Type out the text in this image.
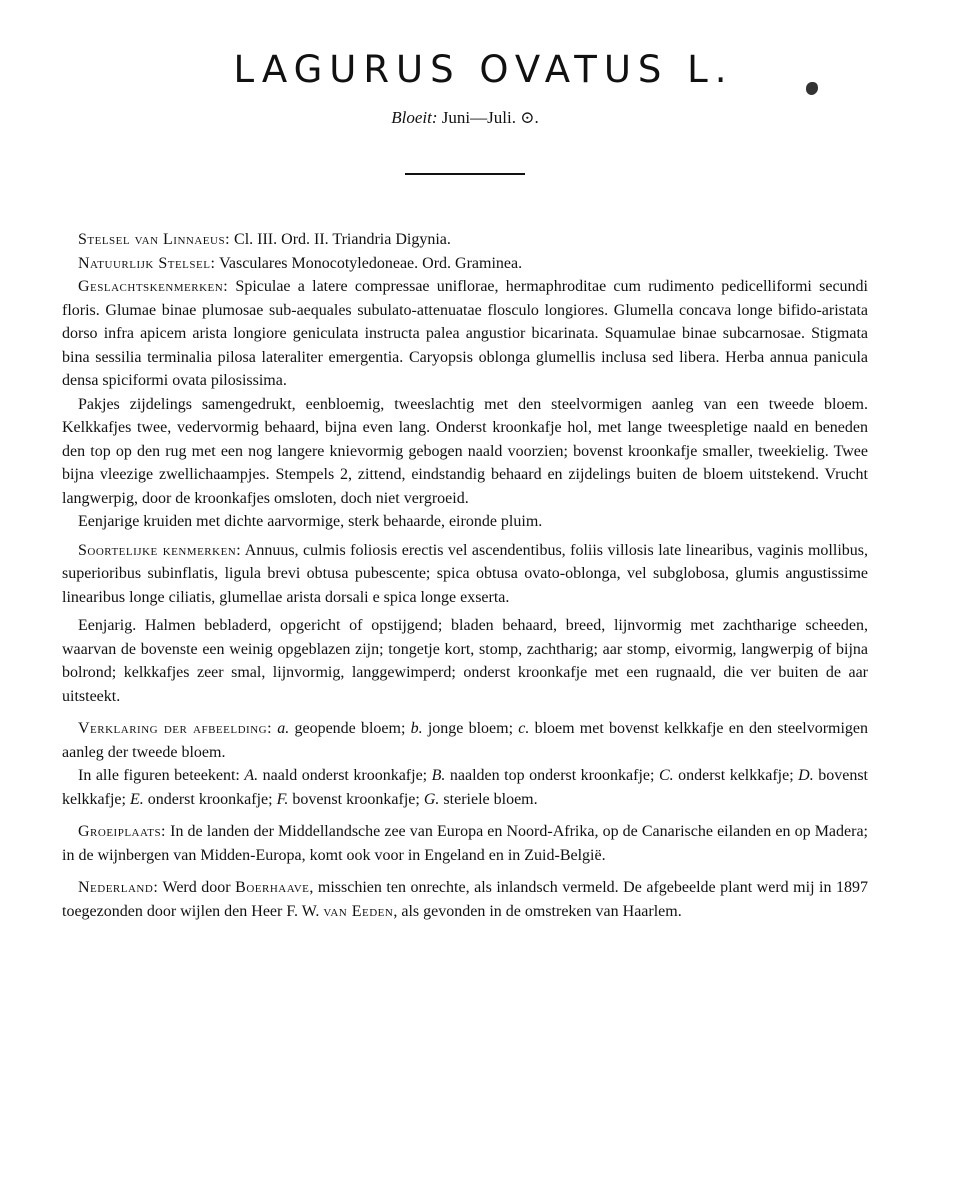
LAGURUS OVATUS L.
Bloeit: Juni—Juli. ⊙.

Stelsel van Linnaeus: Cl. III. Ord. II. Triandria Digynia.

Natuurlijk Stelsel: Vasculares Monocotyledoneae. Ord. Graminea.

Geslachtskenmerken: Spiculae a latere compressae uniflorae, hermaphroditae cum rudimento pedicelliformi secundi floris. Glumae binae plumosae sub-aequales subulato-attenuatae flosculo longiores. Glumella concava longe bifido-aristata dorso infra apicem arista longiore geniculata instructa palea angustior bicarinata. Squamulae binae subcarnosae. Stigmata bina sessilia terminalia pilosa lateraliter emergentia. Caryopsis oblonga glumellis inclusa sed libera. Herba annua panicula densa spiciformi ovata pilosissima.

Pakjes zijdelings samengedrukt, eenbloemig, tweeslachtig met den steelvormigen aanleg van een tweede bloem. Kelkkafjes twee, vedervormig behaard, bijna even lang. Onderst kroonkafje hol, met lange tweespletige naald en beneden den top op den rug met een nog langere knievormig gebogen naald voorzien; bovenst kroonkafje smaller, tweekielig. Twee bijna vleezige zwellichaampjes. Stempels 2, zittend, eindstandig behaard en zijdelings buiten de bloem uitstekend. Vrucht langwerpig, door de kroonkafjes omsloten, doch niet vergroeid.

Eenjarige kruiden met dichte aarvormige, sterk behaarde, eironde pluim.

Soortelijke kenmerken: Annuus, culmis foliosis erectis vel ascendentibus, foliis villosis late linearibus, vaginis mollibus, superioribus subinflatis, ligula brevi obtusa pubescente; spica obtusa ovato-oblonga, vel subglobosa, glumis angustissime linearibus longe ciliatis, glumellae arista dorsali e spica longe exserta.

Eenjarig. Halmen bebladerd, opgericht of opstijgend; bladen behaard, breed, lijnvormig met zachtharige scheeden, waarvan de bovenste een weinig opgeblazen zijn; tongetje kort, stomp, zachtharig; aar stomp, eivormig, langwerpig of bijna bolrond; kelkkafjes zeer smal, lijnvormig, langgewimperd; onderst kroonkafje met een rugnaald, die ver buiten de aar uitsteekt.

Verklaring der afbeelding: a. geopende bloem; b. jonge bloem; c. bloem met bovenst kelkkafje en den steelvormigen aanleg der tweede bloem.

In alle figuren beteekent: A. naald onderst kroonkafje; B. naalden top onderst kroonkafje; C. onderst kelkkafje; D. bovenst kelkkafje; E. onderst kroonkafje; F. bovenst kroonkafje; G. steriele bloem.

Groeiplaats: In de landen der Middellandsche zee van Europa en Noord-Afrika, op de Canarische eilanden en op Madera; in de wijnbergen van Midden-Europa, komt ook voor in Engeland en in Zuid-België.

Nederland: Werd door Boerhaave, misschien ten onrechte, als inlandsch vermeld. De afgebeelde plant werd mij in 1897 toegezonden door wijlen den Heer F. W. van Eeden, als gevonden in de omstreken van Haarlem.
